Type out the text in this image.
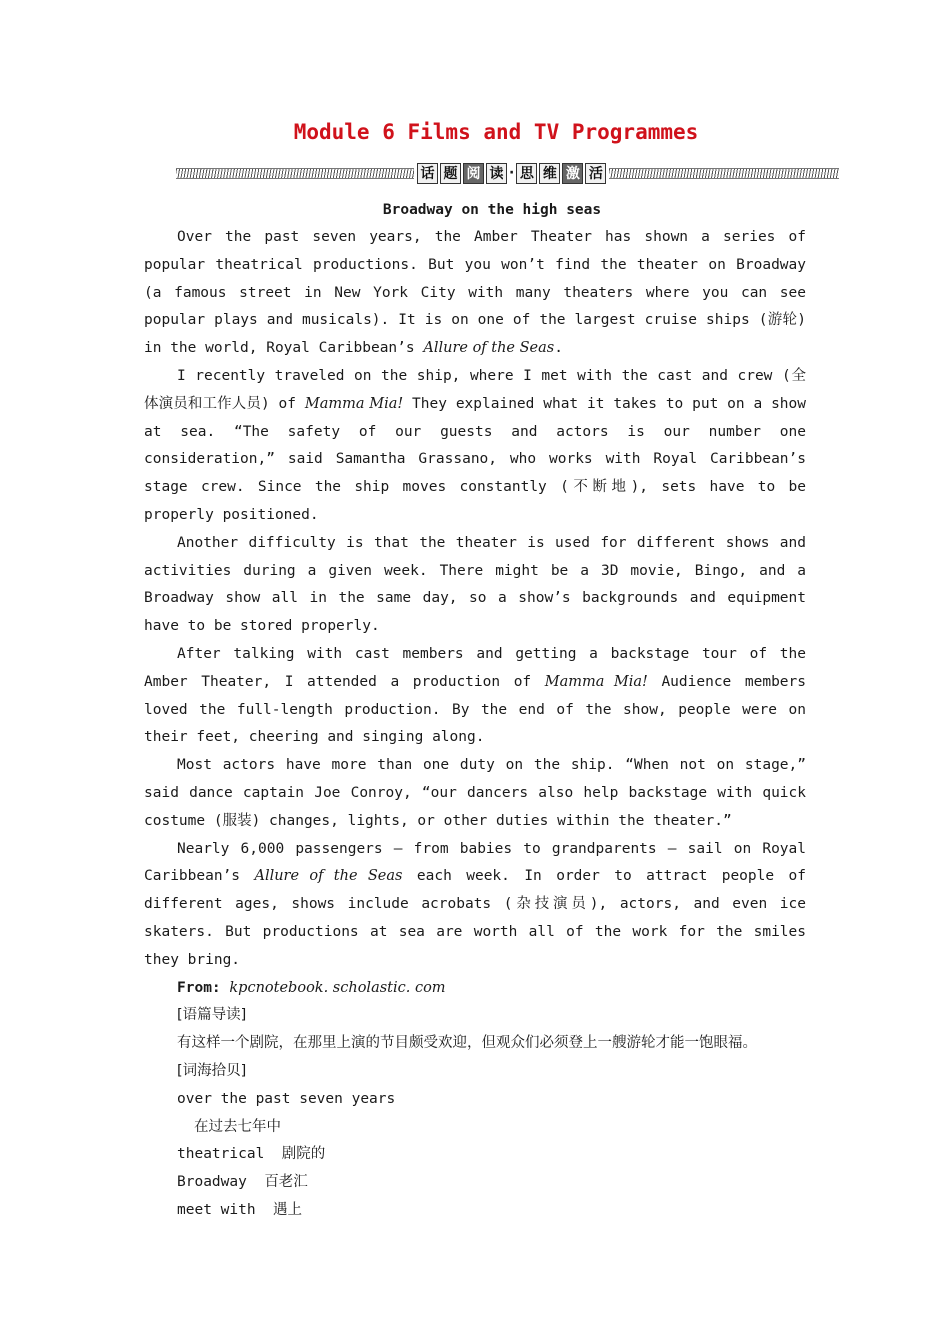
Module 6 Films and TV Programmes
话 题 阅 读 · 思 维 激 活
Broadway on the high seas

Over the past seven years, the Amber Theater has shown a series of popular theatrical productions. But you won’t find the theater on Broadway (a famous street in New York City with many theaters where you can see popular plays and musicals). It is on one of the largest cruise ships (游轮) in the world, Royal Caribbean’s Allure of the Seas.

I recently traveled on the ship, where I met with the cast and crew (全体演员和工作人员) of Mamma Mia! They explained what it takes to put on a show at sea. “The safety of our guests and actors is our number one consideration,” said Samantha Grassano, who works with Royal Caribbean’s stage crew. Since the ship moves constantly (不断地), sets have to be properly positioned.

Another difficulty is that the theater is used for different shows and activities during a given week. There might be a 3D movie, Bingo, and a Broadway show all in the same day, so a show’s backgrounds and equipment have to be stored properly.

After talking with cast members and getting a backstage tour of the Amber Theater, I attended a production of Mamma Mia! Audience members loved the full-length production. By the end of the show, people were on their feet, cheering and singing along.

Most actors have more than one duty on the ship. “When not on stage,” said dance captain Joe Conroy, “our dancers also help backstage with quick costume (服装) changes, lights, or other duties within the theater.”

Nearly 6,000 passengers — from babies to grandparents — sail on Royal Caribbean’s Allure of the Seas each week. In order to attract people of different ages, shows include acrobats (杂技演员), actors, and even ice skaters. But productions at sea are worth all of the work for the smiles they bring.

From: kpcnotebook. scholastic. com

[语篇导读]

有这样一个剧院，在那里上演的节目颇受欢迎，但观众们必须登上一艘游轮才能一饱眼福。

[词海拾贝]

over the past seven years

在过去七年中

theatrical 剧院的

Broadway 百老汇

meet with 遇上
